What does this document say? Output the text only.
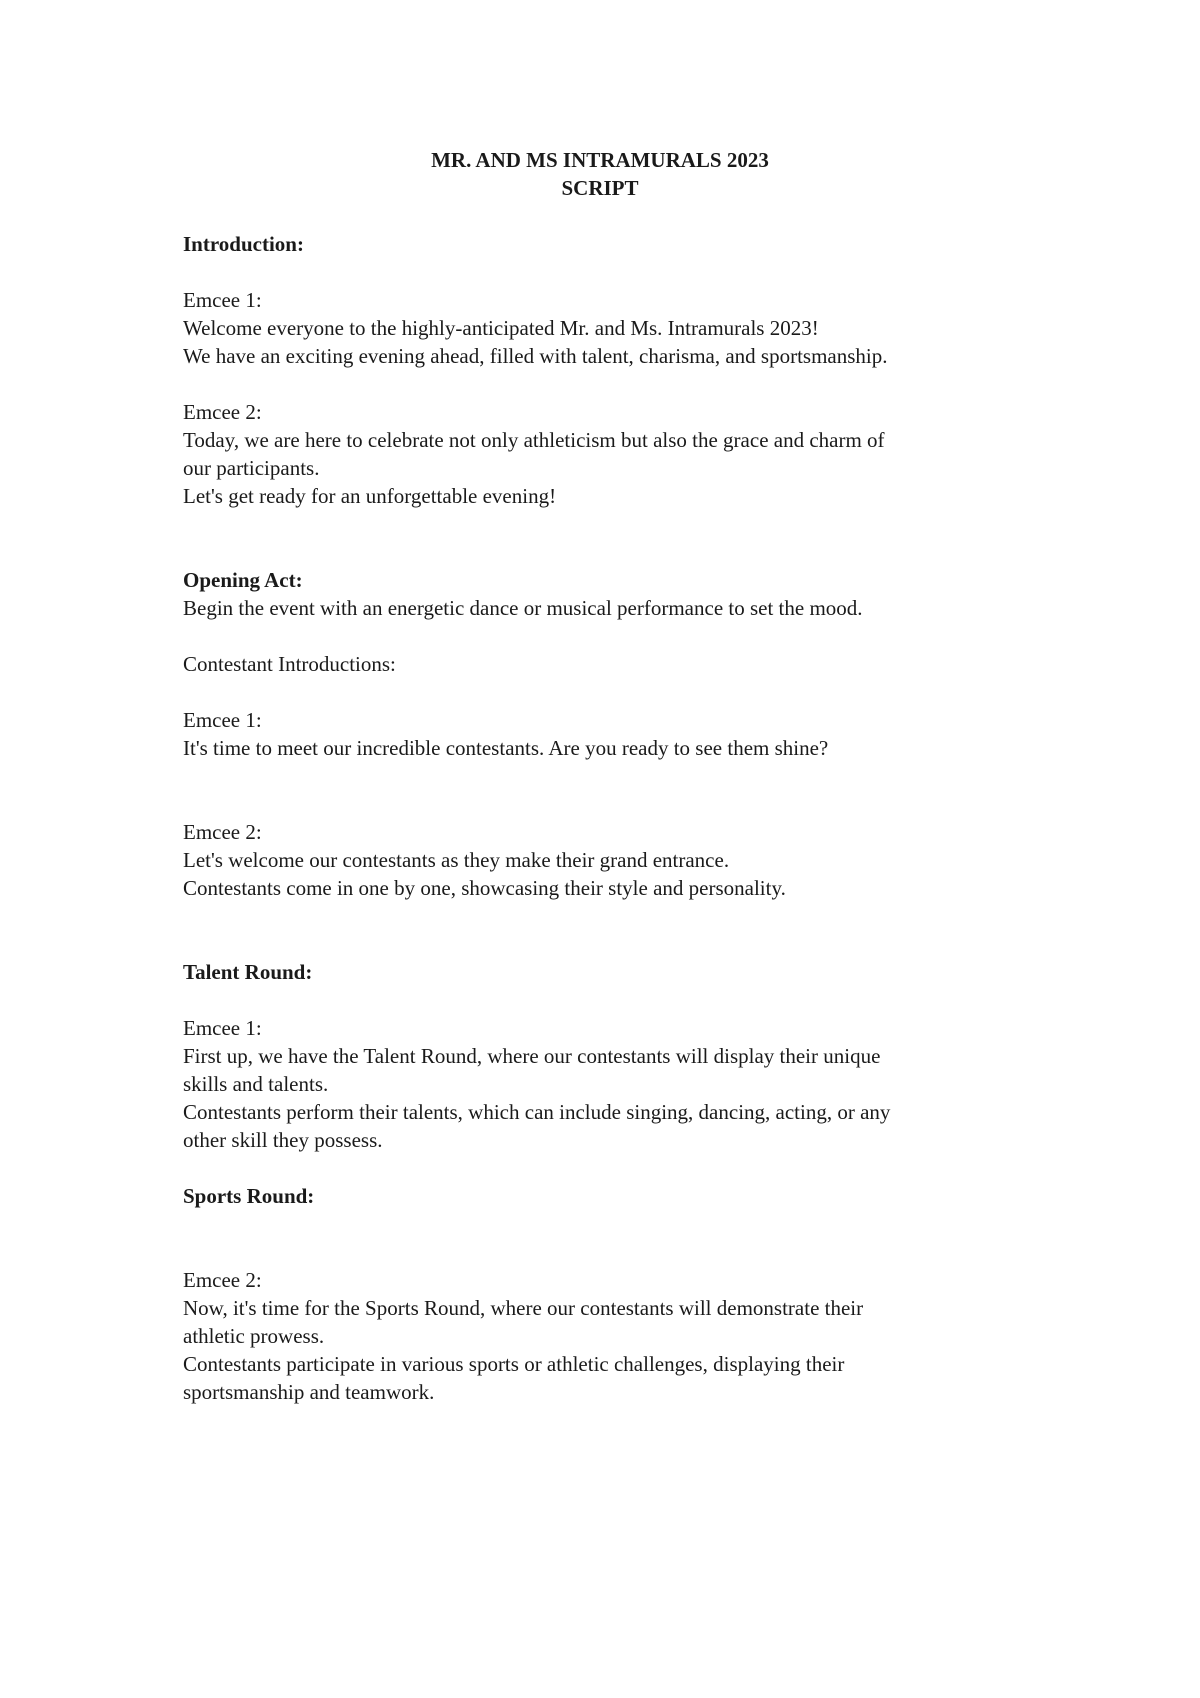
MR. AND MS INTRAMURALS 2023
SCRIPT
Introduction:
Emcee 1:
Welcome everyone to the highly-anticipated Mr. and Ms. Intramurals 2023!
We have an exciting evening ahead, filled with talent, charisma, and sportsmanship.
Emcee 2:
Today, we are here to celebrate not only athleticism but also the grace and charm of
our participants.
Let's get ready for an unforgettable evening!
Opening Act:
Begin the event with an energetic dance or musical performance to set the mood.
Contestant Introductions:
Emcee 1:
It's time to meet our incredible contestants. Are you ready to see them shine?
Emcee 2:
Let's welcome our contestants as they make their grand entrance.
Contestants come in one by one, showcasing their style and personality.
Talent Round:
Emcee 1:
First up, we have the Talent Round, where our contestants will display their unique
skills and talents.
Contestants perform their talents, which can include singing, dancing, acting, or any
other skill they possess.
Sports Round:
Emcee 2:
Now, it's time for the Sports Round, where our contestants will demonstrate their
athletic prowess.
Contestants participate in various sports or athletic challenges, displaying their
sportsmanship and teamwork.
